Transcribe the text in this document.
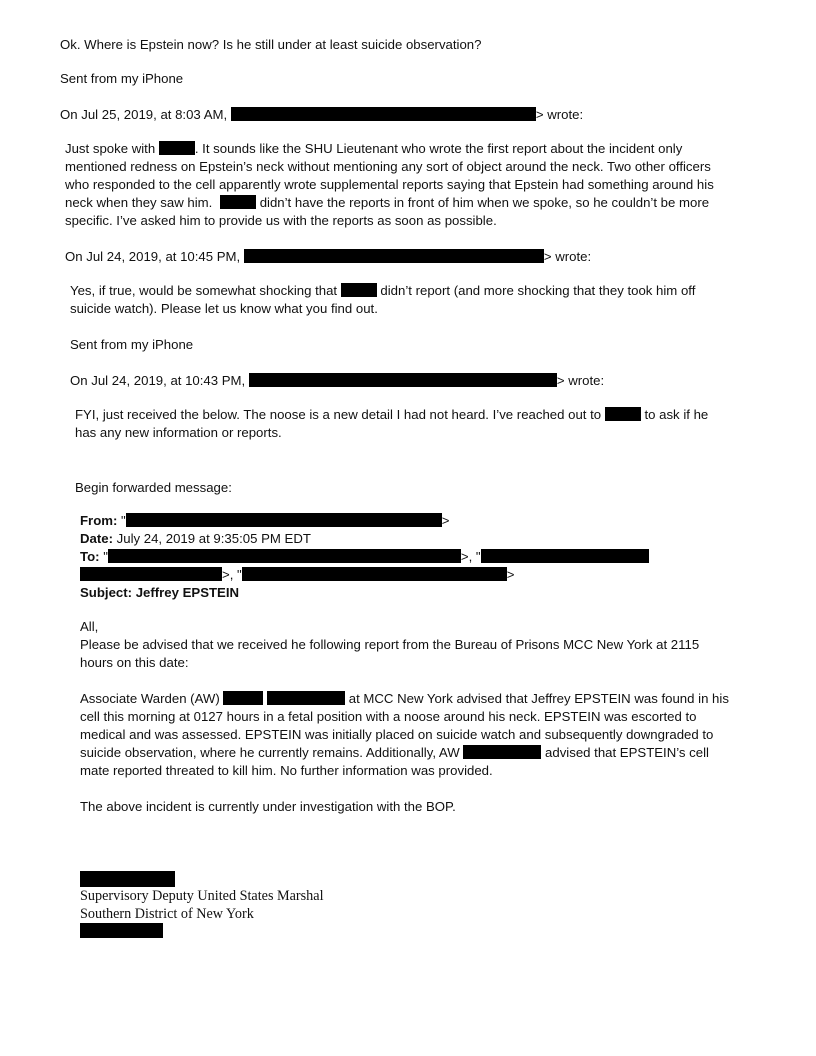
Ok. Where is Epstein now? Is he still under at least suicide observation?
Sent from my iPhone
On Jul 25, 2019, at 8:03 AM,	> wrote:
Just spoke with	. It sounds like the SHU Lieutenant who wrote the first report about the incident only
mentioned redness on Epstein’s neck without mentioning any sort of object around the neck. Two other officers
who responded to the cell apparently wrote supplemental reports saying that Epstein had something around his
neck when they saw him.	didn’t have the reports in front of him when we spoke, so he couldn’t be more
specific. I’ve asked him to provide us with the reports as soon as possible.
On Jul 24, 2019, at 10:45 PM,	> wrote:
Yes, if true, would be somewhat shocking that	didn’t report (and more shocking that they took him off
suicide watch). Please let us know what you find out.
Sent from my iPhone
On Jul 24, 2019, at 10:43 PM,	> wrote:
FYI, just received the below. The noose is a new detail I had not heard. I’ve reached out to	to ask if he
has any new information or reports.
Begin forwarded message:
From: "	>
Date: July 24, 2019 at 9:35:05 PM EDT
To: "	>, "
>, "	>
Subject: Jeffrey EPSTEIN
All,
Please be advised that we received he following report from the Bureau of Prisons MCC New York at 2115
hours on this date:
Associate Warden (AW)	at MCC New York advised that Jeffrey EPSTEIN was found in his
cell this morning at 0127 hours in a fetal position with a noose around his neck. EPSTEIN was escorted to
medical and was assessed. EPSTEIN was initially placed on suicide watch and subsequently downgraded to
suicide observation, where he currently remains. Additionally, AW	advised that EPSTEIN’s cell
mate reported threated to kill him. No further information was provided.
The above incident is currently under investigation with the BOP.
Supervisory Deputy United States Marshal
Southern District of New York
